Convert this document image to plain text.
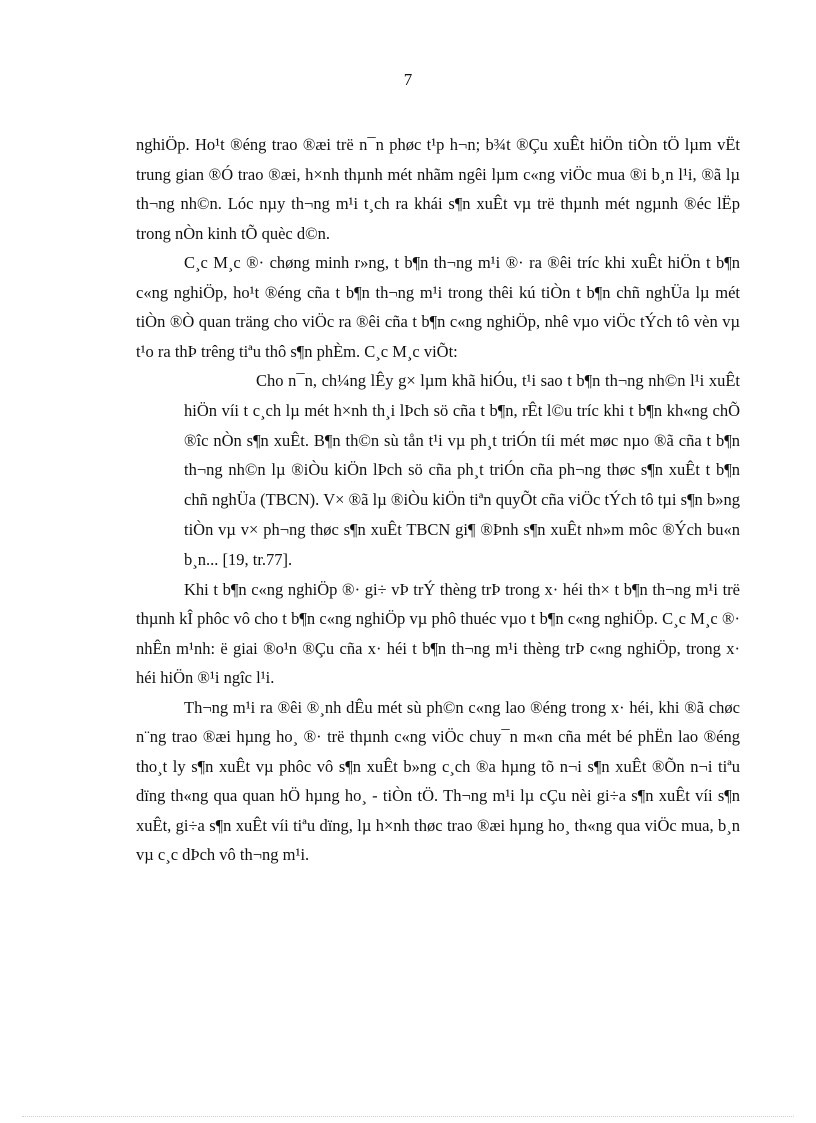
7

nghiÖp. Ho¹t ®éng trao ®æi trë n¯n phøc t¹p h¬n; b¾t ®Çu xuÊt hiÖn tiÒn tÖ lµm vËt trung gian ®Ó trao ®æi, h×nh thµnh mét nhãm ngêi lµm c«ng viÖc mua ®i b¸n l¹i, ®ã lµ th¬ng nh©n. Lóc nµy th¬ng m¹i t¸ch ra khái s¶n xuÊt vµ trë thµnh mét ngµnh ®éc lËp trong nÒn kinh tÕ quèc d©n.

C¸c M¸c ®· chøng minh r»ng, t b¶n th¬ng m¹i ®· ra ®êi tríc khi xuÊt hiÖn t b¶n c«ng nghiÖp, ho¹t ®éng cña t b¶n th¬ng m¹i trong thêi kú tiÒn t b¶n chñ nghÜa lµ mét tiÒn ®Ò quan träng cho viÖc ra ®êi cña t b¶n c«ng nghiÖp, nhê vµo viÖc tÝch tô vèn vµ t¹o ra thÞ trêng tiªu thô s¶n phÈm. C¸c M¸c viÕt:

Cho n¯n, ch¼ng lÊy g× lµm khã hiÓu, t¹i sao t b¶n th¬ng nh©n l¹i xuÊt hiÖn víi t c¸ch lµ mét h×nh th¸i lÞch sö cña t b¶n, rÊt l©u tríc khi t b¶n kh«ng chÕ ®îc nÒn s¶n xuÊt. B¶n th©n sù tån t¹i vµ ph¸t triÓn tíi mét møc nµo ®ã cña t b¶n th¬ng nh©n lµ ®iÒu kiÖn lÞch sö cña ph¸t triÓn cña ph¬ng thøc s¶n xuÊt t b¶n chñ nghÜa (TBCN). V× ®ã lµ ®iÒu kiÖn tiªn quyÕt cña viÖc tÝch tô tµi s¶n b»ng tiÒn vµ v× ph¬ng thøc s¶n xuÊt TBCN gi¶ ®Þnh s¶n xuÊt nh»m môc ®Ých bu«n b¸n... [19, tr.77].

Khi t b¶n c«ng nghiÖp ®· gi÷ vÞ trÝ thèng trÞ trong x· héi th× t b¶n th¬ng m¹i trë thµnh kÎ phôc vô cho t b¶n c«ng nghiÖp vµ phô thuéc vµo t b¶n c«ng nghiÖp. C¸c M¸c ®· nhÊn m¹nh: ë giai ®o¹n ®Çu cña x· héi t b¶n th¬ng m¹i thèng trÞ c«ng nghiÖp, trong x· héi hiÖn ®¹i ngîc l¹i.

Th¬ng m¹i ra ®êi ®¸nh dÊu mét sù ph©n c«ng lao ®éng trong x· héi, khi ®ã chøc n¨ng trao ®æi hµng ho¸ ®· trë thµnh c«ng viÖc chuy¯n m«n cña mét bé phËn lao ®éng tho¸t ly s¶n xuÊt vµ phôc vô s¶n xuÊt b»ng c¸ch ®a hµng tõ n¬i s¶n xuÊt ®Õn n¬i tiªu dïng th«ng qua quan hÖ hµng ho¸ - tiÒn tÖ. Th¬ng m¹i lµ cÇu nèi gi÷a s¶n xuÊt víi s¶n xuÊt, gi÷a s¶n xuÊt víi tiªu dïng, lµ h×nh thøc trao ®æi hµng ho¸ th«ng qua viÖc mua, b¸n vµ c¸c dÞch vô th¬ng m¹i.
